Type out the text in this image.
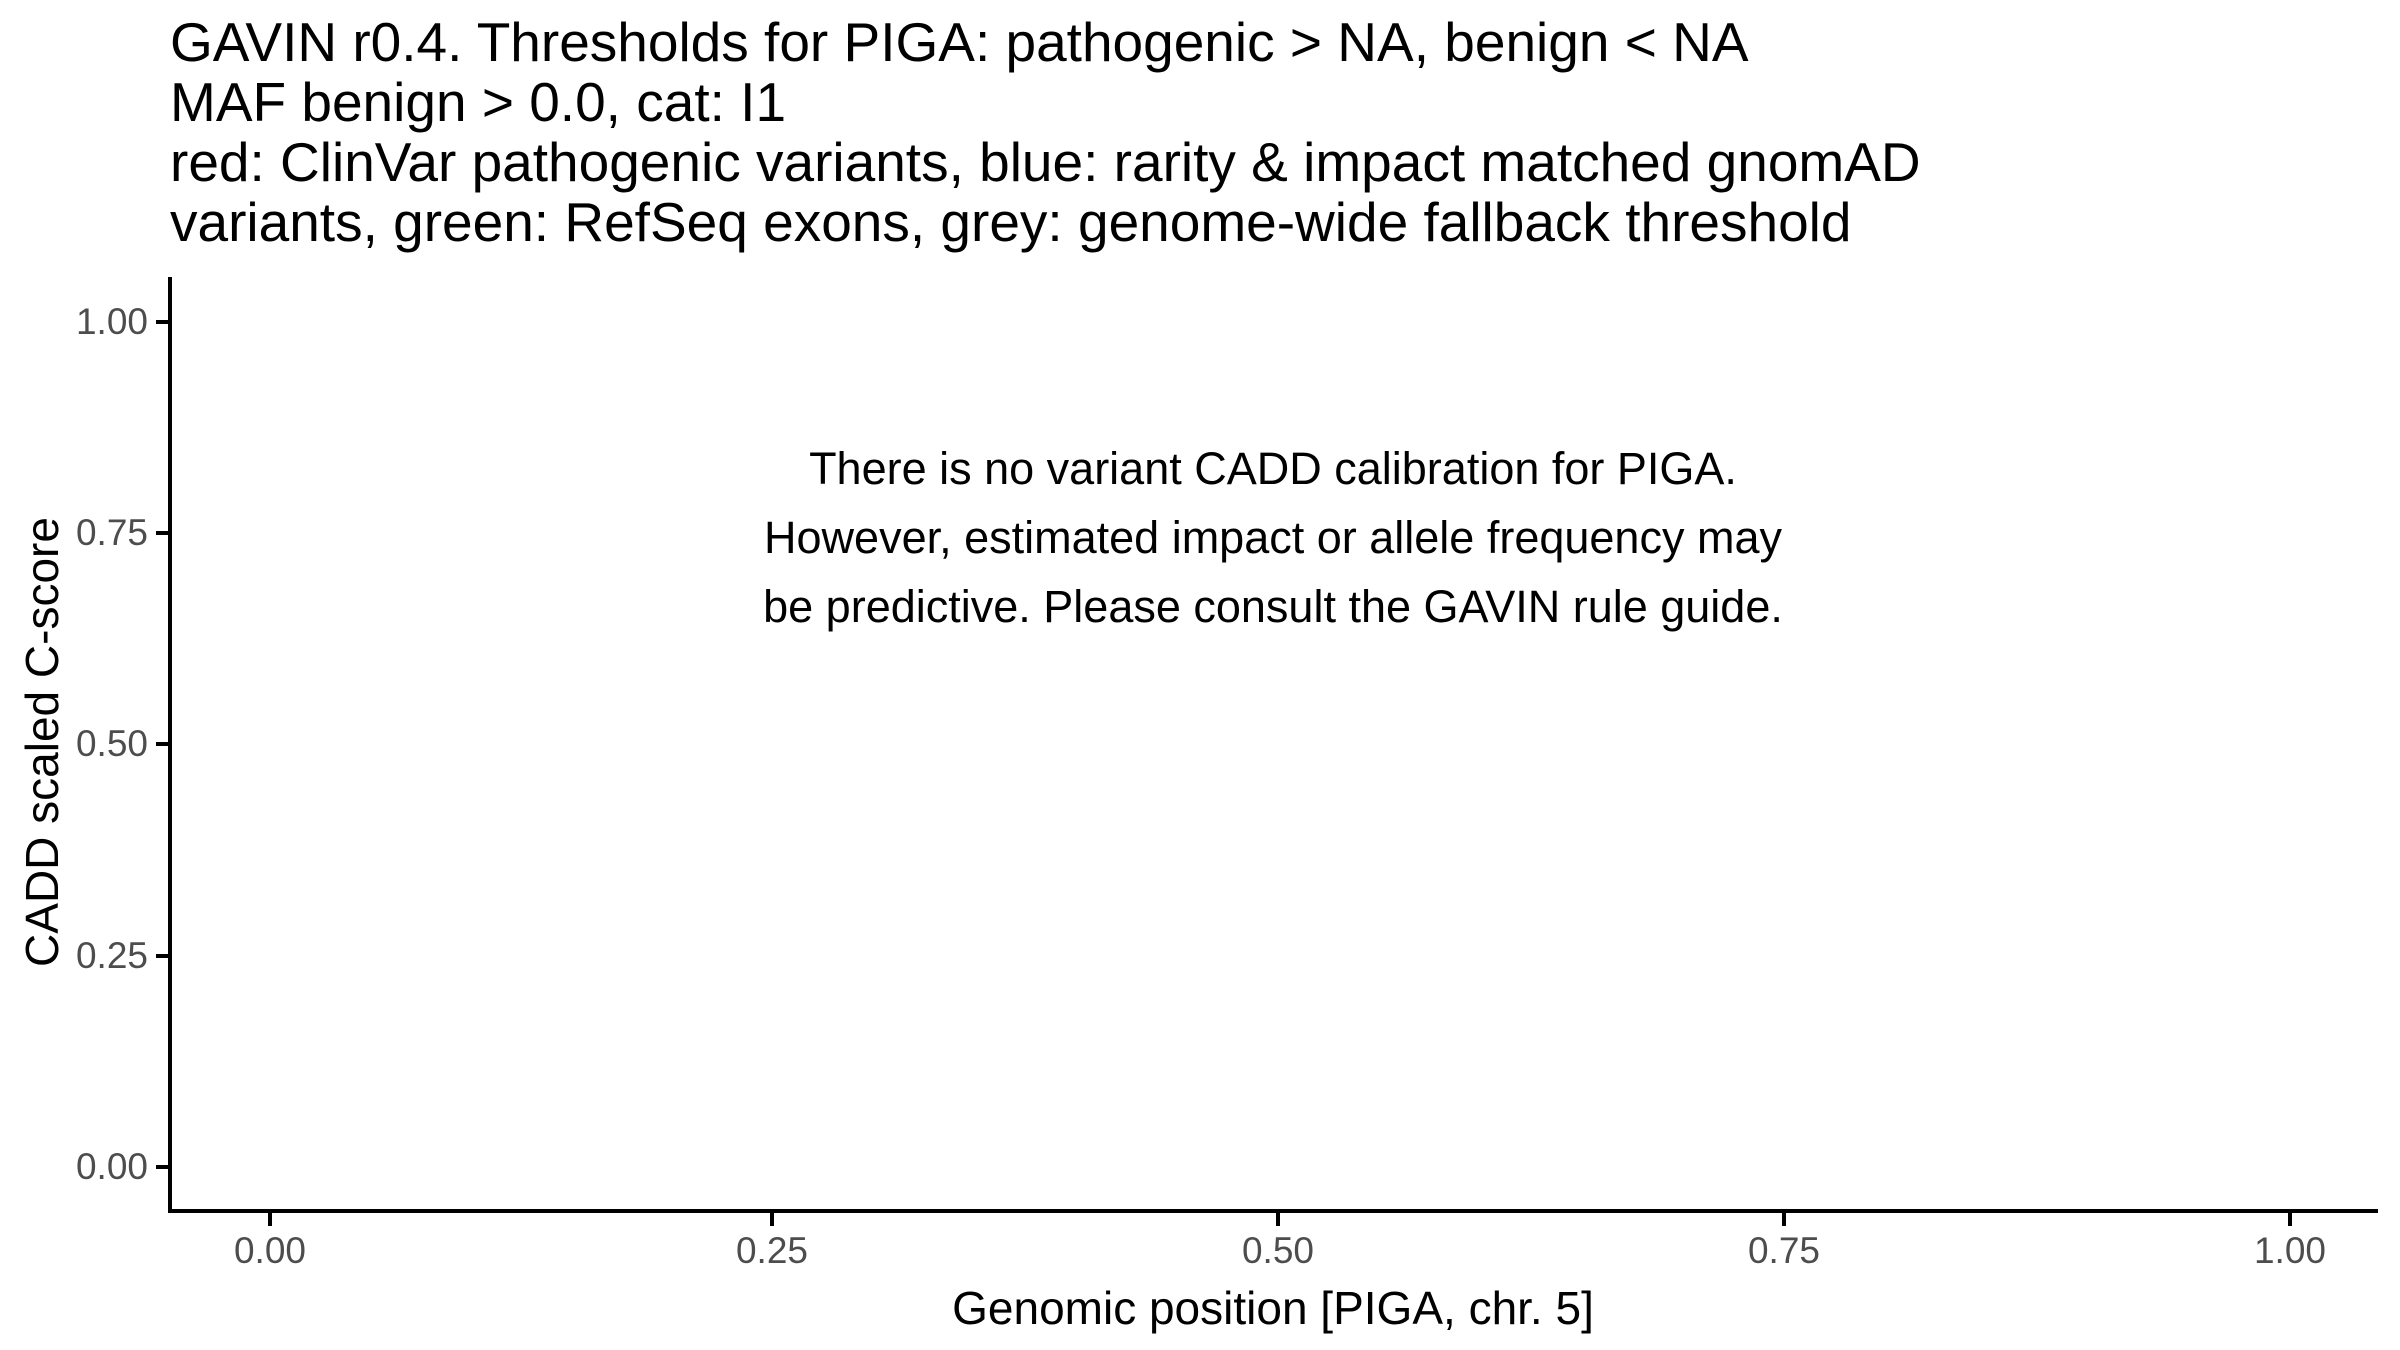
GAVIN r0.4. Thresholds for PIGA: pathogenic > NA, benign < NA
MAF benign > 0.0, cat: I1
red: ClinVar pathogenic variants, blue: rarity & impact matched gnomAD
variants, green: RefSeq exons, grey: genome-wide fallback threshold
1.00
0.75
0.50
0.25
0.00
0.00	0.25	0.50	0.75	1.00
Genomic position [PIGA, chr. 5]
CADD scaled C-score
There is no variant CADD calibration for PIGA.
However, estimated impact or allele frequency may
be predictive. Please consult the GAVIN rule guide.
